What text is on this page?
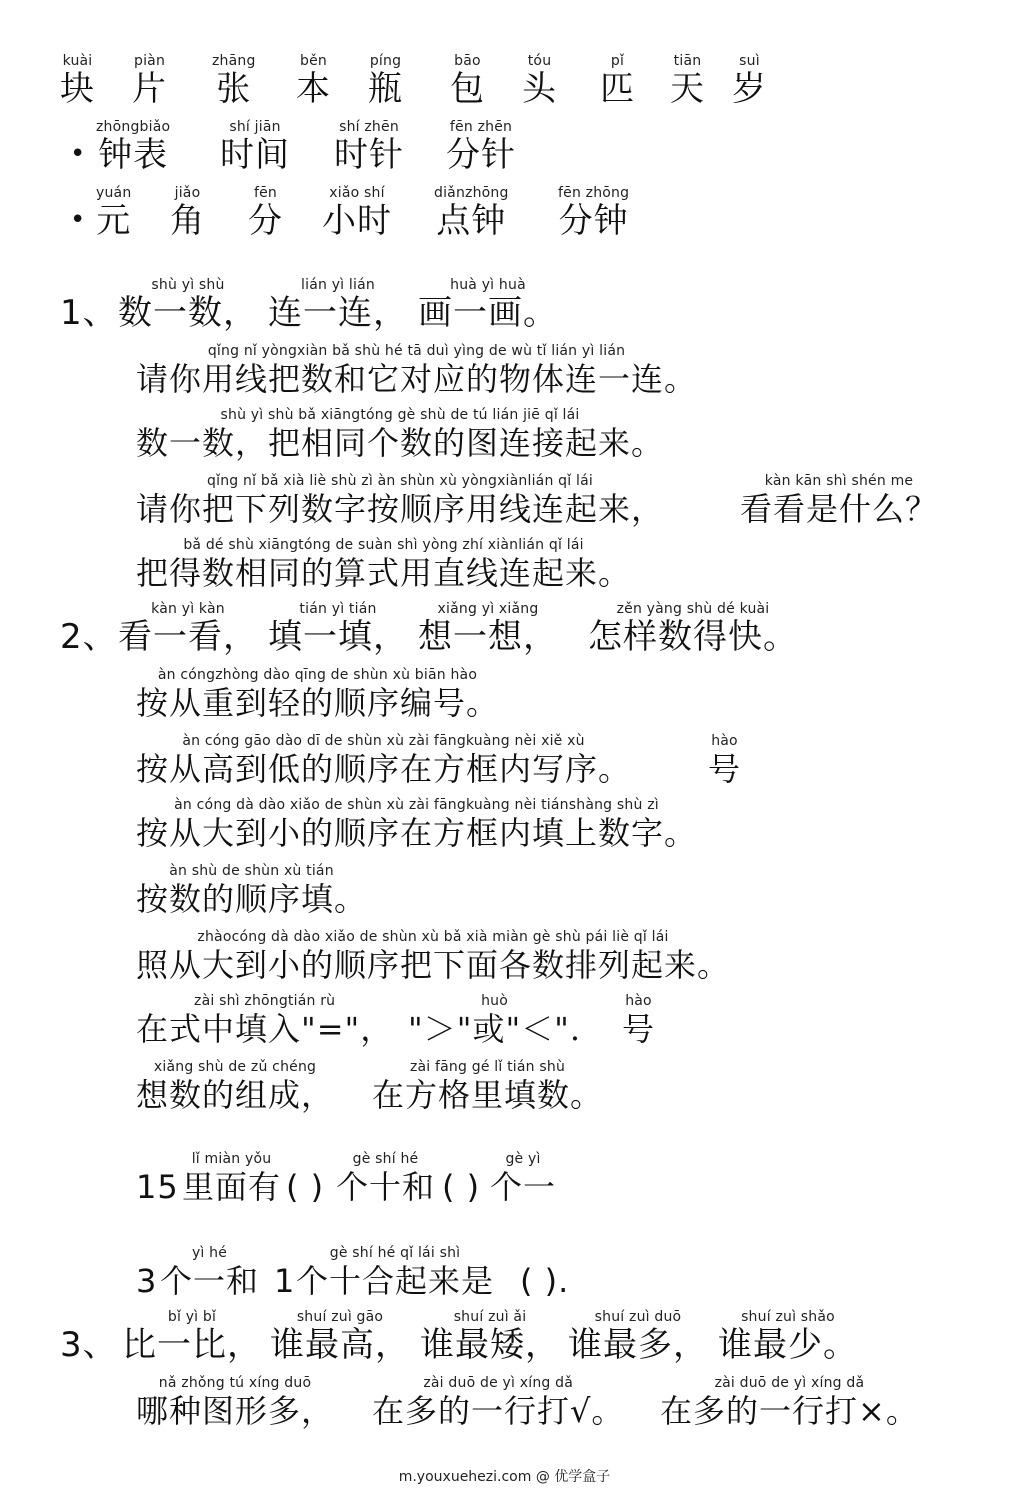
kuài
块
piàn
片
zhāng
张
běn
本
píng
瓶
bāo
包
tóu
头
pǐ
匹
tiān
天
suì
岁
•
zhōngbiǎo
钟表
shí jiān
时间
shí zhēn
时针
fēn zhēn
分针
•
yuán
元
jiǎo
角
fēn
分
xiǎo shí
小时
diǎnzhōng
点钟
fēn zhōng
分钟
1、
shù yì shù
数一数，
lián yì lián
连一连，
huà yì huà
画一画。
qǐng nǐ yòngxiàn bǎ shù hé tā duì yìng de wù tǐ lián yì lián
请你用线把数和它对应的物体连一连。
shù yì shù bǎ xiāngtóng gè shù de tú lián jiē qǐ lái
数一数，把相同个数的图连接起来。
qǐng nǐ bǎ xià liè shù zì àn shùn xù yòngxiànlián qǐ lái
请你把下列数字按顺序用线连起来，
kàn kān shì shén me
看看是什么？
bǎ dé shù xiāngtóng de suàn shì yòng zhí xiànlián qǐ lái
把得数相同的算式用直线连起来。
2、
kàn yì kàn
看一看，
tián yì tián
填一填，
xiǎng yì xiǎng
想一想，
zěn yàng shù dé kuài
怎样数得快。
àn cóngzhòng dào qīng de shùn xù biān hào
按从重到轻的顺序编号。
àn cóng gāo dào dī de shùn xù zài fāngkuàng nèi xiě xù
按从高到低的顺序在方框内写序。
hào
号
àn cóng dà dào xiǎo de shùn xù zài fāngkuàng nèi tiánshàng shù zì
按从大到小的顺序在方框内填上数字。
àn shù de shùn xù tián
按数的顺序填。
zhàocóng dà dào xiǎo de shùn xù bǎ xià miàn gè shù pái liè qǐ lái
照从大到小的顺序把下面各数排列起来。
zài shì zhōngtián rù
在式中填入"="，
huò
"＞"或"＜".
hào
号
xiǎng shù de zǔ chéng
想数的组成，
zài fāng gé lǐ tián shù
在方格里填数。
15
lǐ miàn yǒu
里面有 ( )
gè shí hé
个十和 ( )
gè yì
个一
3
yì hé
个一和 1
gè shí hé qǐ lái shì
个十合起来是 ( ).
3、
bǐ yì bǐ
比一比，
shuí zuì gāo
谁最高，
shuí zuì ǎi
谁最矮，
shuí zuì duō
谁最多，
shuí zuì shǎo
谁最少。
nǎ zhǒng tú xíng duō
哪种图形多，
zài duō de yì xíng dǎ
在多的一行打√。
zài duō de yì xíng dǎ
在多的一行打×。
m.youxuehezi.com @ 优学盒子
